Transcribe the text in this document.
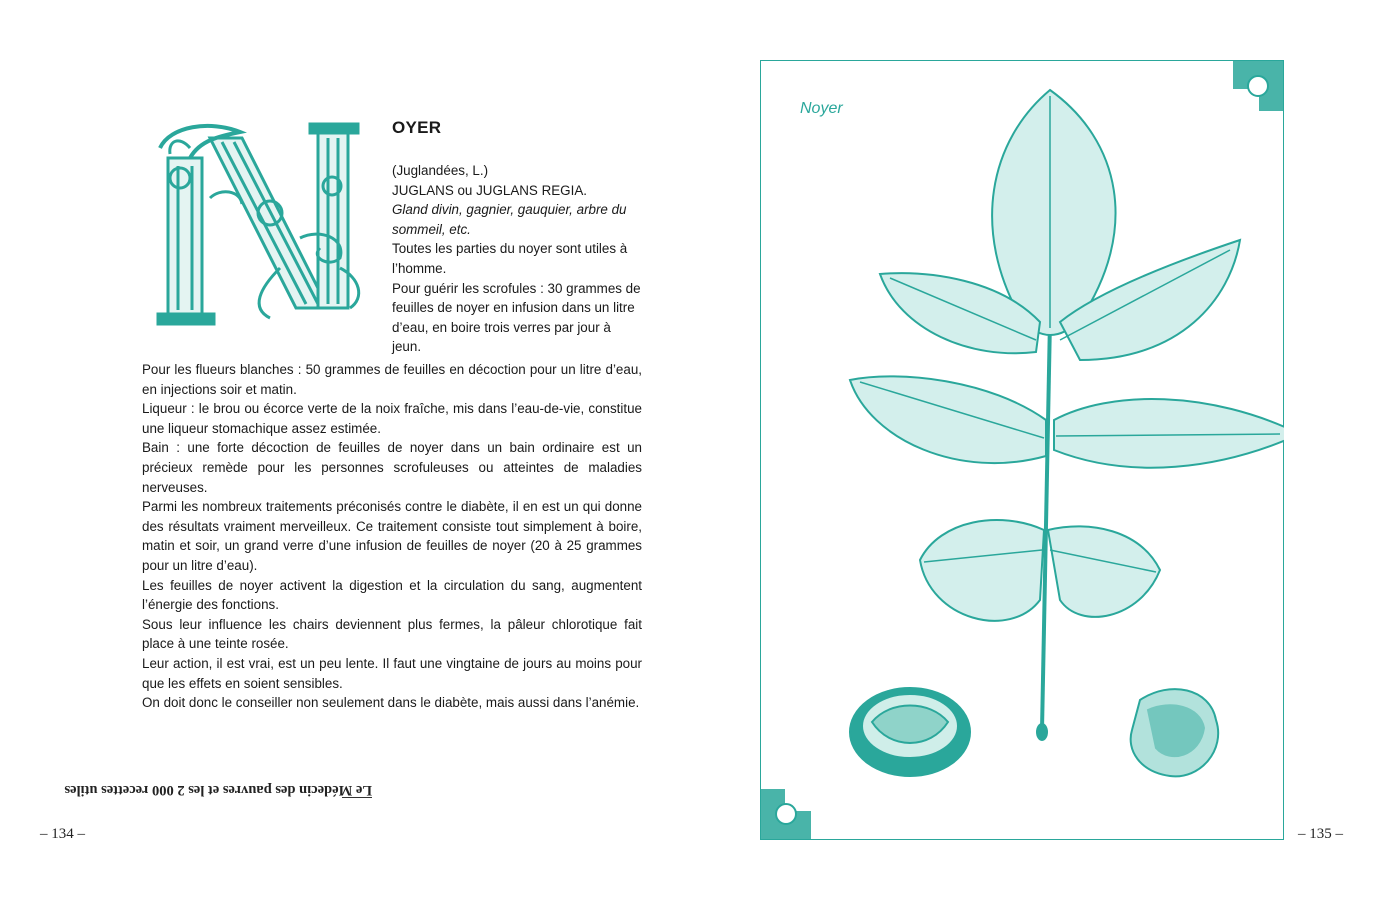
Le Médecin des pauvres et les 2 000 recettes utiles
– 134 –
OYER

(Juglandées, L.)

JUGLANS ou JUGLANS REGIA.

Gland divin, gagnier, gauquier, arbre du sommeil, etc.

Toutes les parties du noyer sont utiles à l’homme.

Pour guérir les scrofules : 30 grammes de feuilles de noyer en infusion dans un litre d’eau, en boire trois verres par jour à jeun.

Pour les flueurs blanches : 50 grammes de feuilles en décoction pour un litre d’eau, en injections soir et matin.

Liqueur : le brou ou écorce verte de la noix fraîche, mis dans l’eau-de-vie, constitue une liqueur stomachique assez estimée.

Bain : une forte décoction de feuilles de noyer dans un bain ordinaire est un précieux remède pour les personnes scrofuleuses ou atteintes de maladies nerveuses.

Parmi les nombreux traitements préconisés contre le diabète, il en est un qui donne des résultats vraiment merveilleux. Ce traitement consiste tout simplement à boire, matin et soir, un grand verre d’une infusion de feuilles de noyer (20 à 25 grammes pour un litre d’eau).

Les feuilles de noyer activent la digestion et la circulation du sang, augmentent l’énergie des fonctions.

Sous leur influence les chairs deviennent plus fermes, la pâleur chlorotique fait place à une teinte rosée.

Leur action, il est vrai, est un peu lente. Il faut une vingtaine de jours au moins pour que les effets en soient sensibles.

On doit donc le conseiller non seulement dans le diabète, mais aussi dans l’anémie.

Noyer
– 135 –
